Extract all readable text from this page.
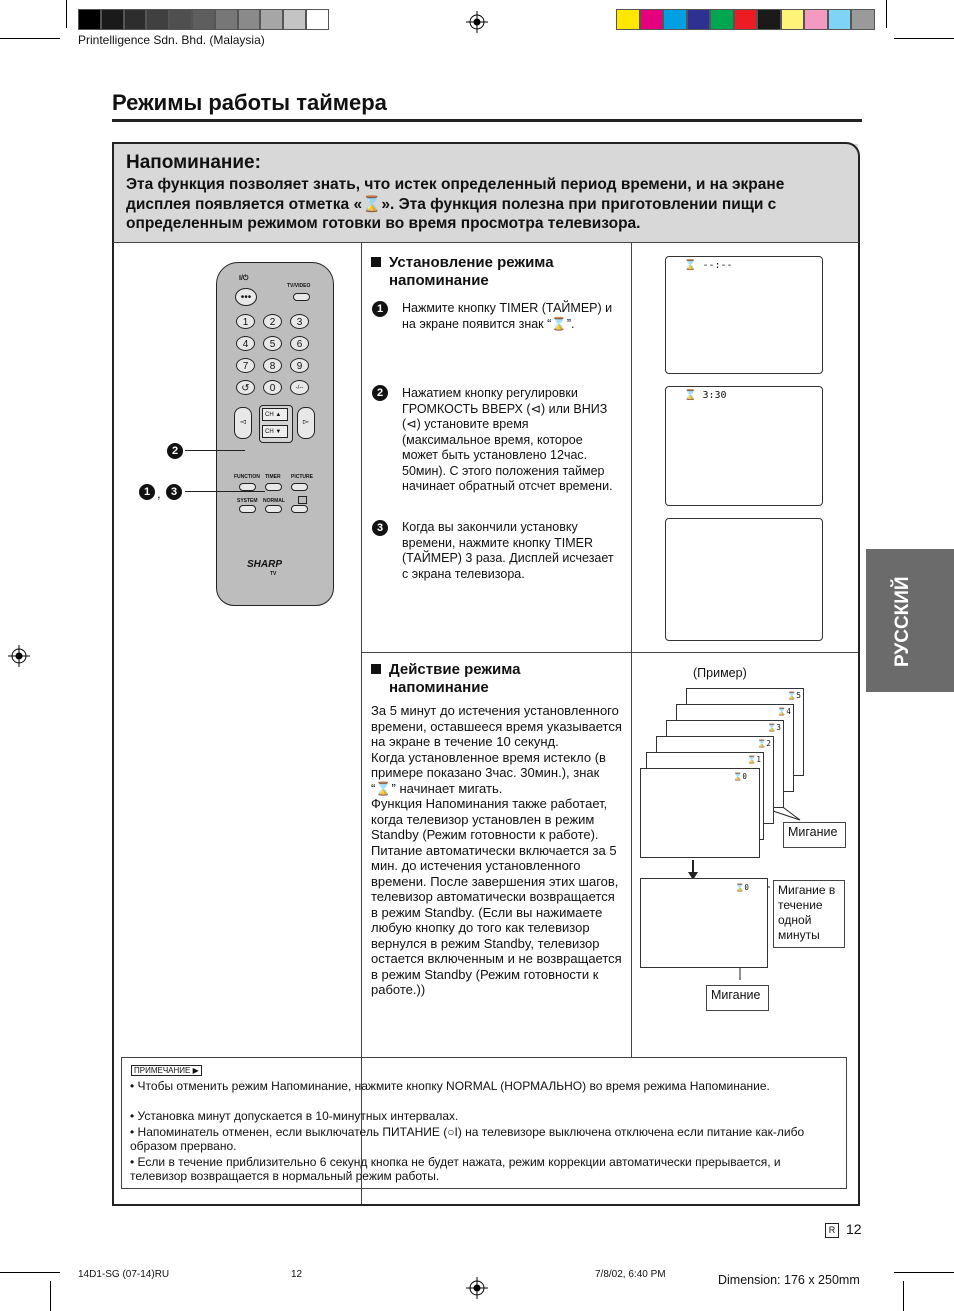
Printelligence Sdn. Bhd. (Malaysia)
Режимы работы таймера
Напоминание:
Эта функция позволяет знать, что истек определенный период времени, и на экране дисплея появляется отметка «⌛». Эта функция полезна при приготовлении пищи с определенным режимом готовки во время просмотра телевизора.
РУССКИЙ
I/⏻
TV/VIDEO
•••
◅	▻
CH ▲
CH ▼
FUNCTION TIMER PICTURE
SYSTEM NORMAL
SHARP
TV
1	2	3
4	5	6
7	8	9
↺	0	-/--
2
1 , 3
Установление режима
напоминание
1	Нажмите кнопку TIMER (ТАЙМЕР) и на экране появится знак “⌛”.
2	Нажатием кнопку регулировки ГРОМКОСТЬ ВВЕРХ (⊲) или ВНИЗ (⊲) установите время (максимальное время, которое может быть установлено 12час. 50мин). С этого положения таймер начинает обратный отсчет времени.
3	Когда вы закончили установку времени, нажмите кнопку TIMER (ТАЙМЕР) 3 раза. Дисплей исчезает с экрана телевизора.
⌛ --:--
⌛ 3:30
Действие режима
напоминание
За 5 минут до истечения установленного времени, оставшееся время указывается на экране в течение 10 секунд.
Когда установленное время истекло (в примере показано 3час. 30мин.), знак “⌛” начинает мигать.
Функция Напоминания также работает, когда телевизор установлен в режим Standby (Режим готовности к работе). Питание автоматически включается за 5 мин. до истечения установленного времени. После завершения этих шагов, телевизор автоматически возвращается в режим Standby. (Если вы нажимаете любую кнопку до того как телевизор вернулся в режим Standby, телевизор остается включенным и не возвращается в режим Standby (Режим готовности к работе.))
(Пример)
⌛0
Мигание
Мигание в течение одной минуты
Мигание
ПРИМЕЧАНИЕ ▶
• Чтобы отменить режим Напоминание, нажмите кнопку NORMAL (НОРМАЛЬНО) во время режима Напоминание.
• Установка минут допускается в 10-минутных интервалах.
• Напоминатель отменен, если выключатель ПИТАНИЕ (○I) на телевизоре выключена отключена если питание как-либо образом прервано.
• Если в течение приблизительно 6 секунд кнопка не будет нажата, режим коррекции автоматически прерывается, и телевизор возвращается в нормальный режим работы.
R 12
14D1-SG (07-14)RU	12	7/8/02, 6:40 PM	Dimension: 176 x 250mm
⌛5
⌛4
⌛3
⌛2
⌛1
⌛0
